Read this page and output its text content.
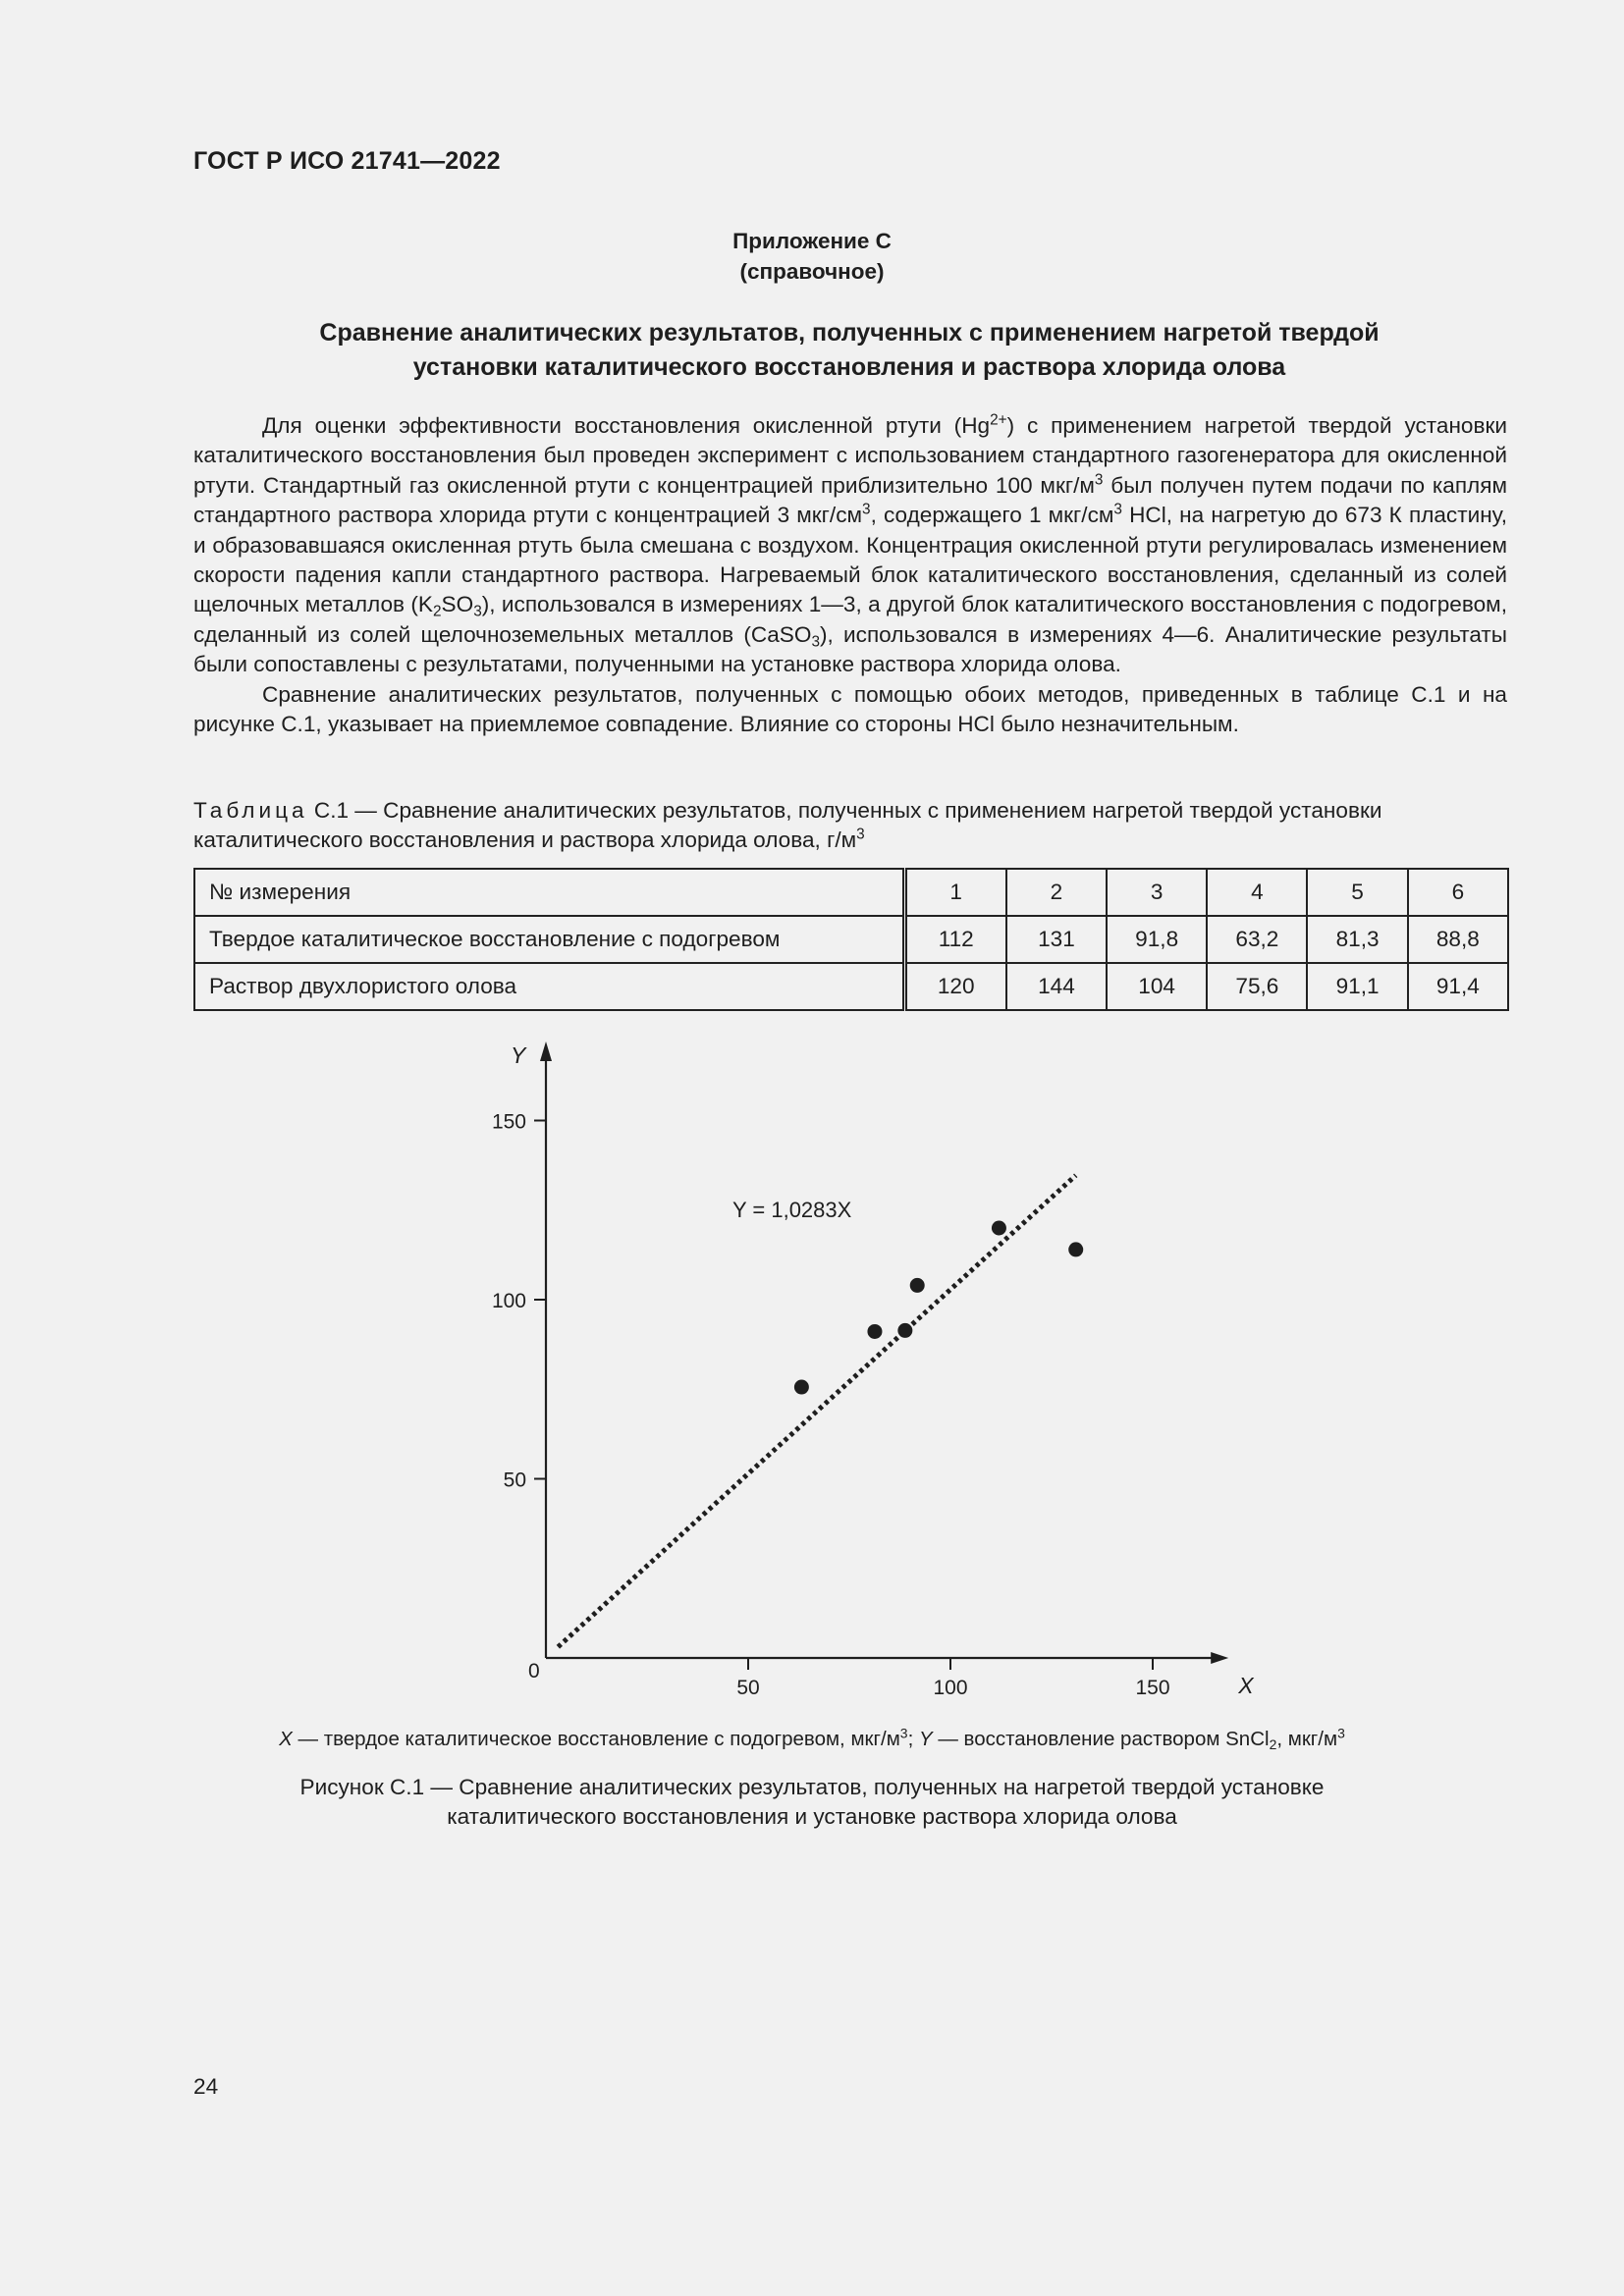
ГОСТ Р ИСО 21741—2022
Приложение С
(справочное)
Сравнение аналитических результатов, полученных с применением нагретой твердой
установки каталитического восстановления и раствора хлорида олова

Для оценки эффективности восстановления окисленной ртути $(Hg^{2+})$ с применением нагретой твердой установки каталитического восстановления был проведен эксперимент с использованием стандартного газогенератора для окисленной ртути. Стандартный газ окисленной ртути с концентрацией приблизительно 100 мкг/$м^3$ был получен путем подачи по каплям стандартного раствора хлорида ртути с концентрацией 3 мкг/$см^3$, содержащего 1 мкг/$см^3$ HCl, на нагретую до 673 К пластину, и образовавшаяся окисленная ртуть была смешана с воздухом. Концентрация окисленной ртути регулировалась изменением скорости падения капли стандартного раствора. Нагреваемый блок каталитического восстановления, сделанный из солей щелочных металлов $(K_2SO_3)$, использовался в измерениях 1—3, а другой блок каталитического восстановления с подогревом, сделанный из солей щелочноземельных металлов (CaSO$_3$), использовался в измерениях 4—6. Аналитические результаты были сопоставлены с результатами, полученными на установке раствора хлорида олова.

Сравнение аналитических результатов, полученных с помощью обоих методов, приведенных в таблице С.1 и на рисунке С.1, указывает на приемлемое совпадение. Влияние со стороны HCl было незначительным.

Таблица С.1 — Сравнение аналитических результатов, полученных с применением нагретой твердой установки каталитического восстановления и раствора хлорида олова, $г/м^3$
№ измерения	1	2	3	4	5	6
Твердое каталитическое восстановление с подогревом	112	131	91,8	63,2	81,3	88,8
Раствор двухлористого олова	120	144	104	75,6	91,1	91,4
X
Y
0
50	100	150
50
100
150
Y = 1,0283X
X — твердое каталитическое восстановление с подогревом, мкг/$м^3$; Y — восстановление раствором SnCl$_2$, мкг/$м^3$
Рисунок С.1 — Сравнение аналитических результатов, полученных на нагретой твердой установке
каталитического восстановления и установке раствора хлорида олова
24
